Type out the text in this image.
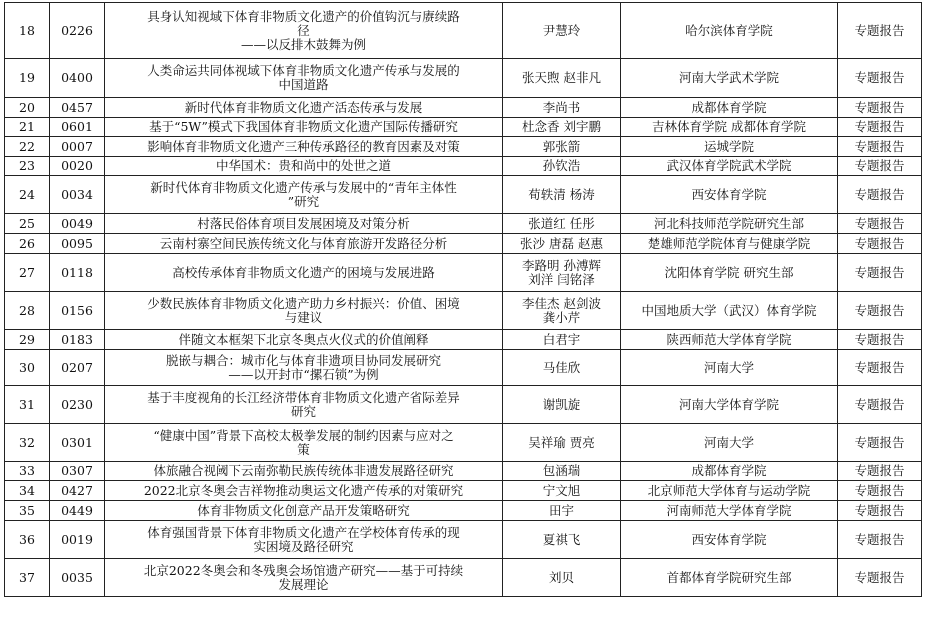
18	0226	具身认知视域下体育非物质文化遗产的价值钩沉与赓续路
径
——以反排木鼓舞为例	尹慧玲	哈尔滨体育学院	专题报告
19	0400	人类命运共同体视域下体育非物质文化遗产传承与发展的
中国道路	张天煦 赵非凡	河南大学武术学院	专题报告
20	0457	新时代体育非物质文化遗产活态传承与发展	李尚书	成都体育学院	专题报告
21	0601	基于“5W”模式下我国体育非物质文化遗产国际传播研究	杜念香 刘宇鹏	吉林体育学院 成都体育学院	专题报告
22	0007	影响体育非物质文化遗产三种传承路径的教育因素及对策	郭张箭	运城学院	专题报告
23	0020	中华国术：贵和尚中的处世之道	孙钦浩	武汉体育学院武术学院	专题报告
24	0034	新时代体育非物质文化遗产传承与发展中的“青年主体性
”研究	荀轶清 杨涛	西安体育学院	专题报告
25	0049	村落民俗体育项目发展困境及对策分析	张道红 任彤	河北科技师范学院研究生部	专题报告
26	0095	云南村寨空间民族传统文化与体育旅游开发路径分析	张沙 唐磊 赵惠	楚雄师范学院体育与健康学院	专题报告
27	0118	高校传承体育非物质文化遗产的困境与发展进路	李路明 孙溥辉
刘洋 闫铭泽	沈阳体育学院 研究生部	专题报告
28	0156	少数民族体育非物质文化遗产助力乡村振兴：价值、困境
与建议	李佳杰 赵剑波
龚小芹	中国地质大学（武汉）体育学院	专题报告
29	0183	伴随文本框架下北京冬奥点火仪式的价值阐释	白君宇	陕西师范大学体育学院	专题报告
30	0207	脱嵌与耦合：城市化与体育非遗项目协同发展研究
——以开封市“摞石锁”为例	马佳欣	河南大学	专题报告
31	0230	基于丰度视角的长江经济带体育非物质文化遗产省际差异
研究	谢凯旋	河南大学体育学院	专题报告
32	0301	“健康中国”背景下高校太极拳发展的制约因素与应对之
策	吴祥瑜 贾亮	河南大学	专题报告
33	0307	体旅融合视阈下云南弥勒民族传统体非遗发展路径研究	包涵瑞	成都体育学院	专题报告
34	0427	2022北京冬奥会吉祥物推动奥运文化遗产传承的对策研究	宁文旭	北京师范大学体育与运动学院	专题报告
35	0449	体育非物质文化创意产品开发策略研究	田宇	河南师范大学体育学院	专题报告
36	0019	体育强国背景下体育非物质文化遗产在学校体育传承的现
实困境及路径研究	夏祺飞	西安体育学院	专题报告
37	0035	北京2022冬奥会和冬残奥会场馆遗产研究——基于可持续
发展理论	刘贝	首都体育学院研究生部	专题报告
